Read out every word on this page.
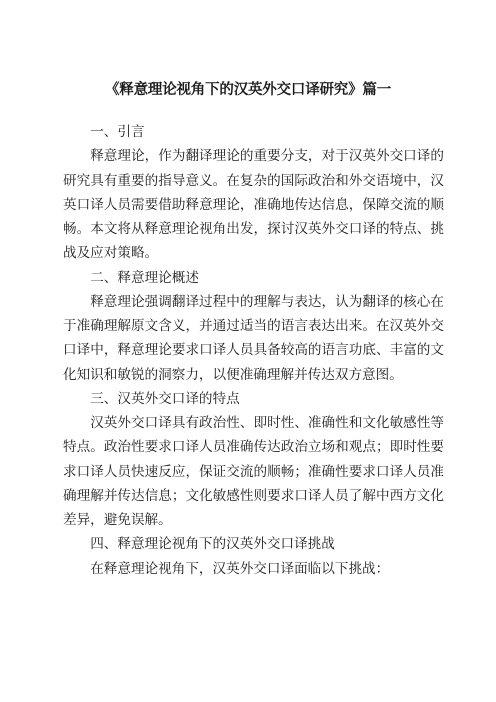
《释意理论视角下的汉英外交口译研究》篇一

一、引言

释意理论，作为翻译理论的重要分支，对于汉英外交口译的研究具有重要的指导意义。在复杂的国际政治和外交语境中，汉英口译人员需要借助释意理论，准确地传达信息，保障交流的顺畅。本文将从释意理论视角出发，探讨汉英外交口译的特点、挑战及应对策略。

二、释意理论概述

释意理论强调翻译过程中的理解与表达，认为翻译的核心在于准确理解原文含义，并通过适当的语言表达出来。在汉英外交口译中，释意理论要求口译人员具备较高的语言功底、丰富的文化知识和敏锐的洞察力，以便准确理解并传达双方意图。

三、汉英外交口译的特点

汉英外交口译具有政治性、即时性、准确性和文化敏感性等特点。政治性要求口译人员准确传达政治立场和观点；即时性要求口译人员快速反应，保证交流的顺畅；准确性要求口译人员准确理解并传达信息；文化敏感性则要求口译人员了解中西方文化差异，避免误解。

四、释意理论视角下的汉英外交口译挑战

在释意理论视角下，汉英外交口译面临以下挑战：
